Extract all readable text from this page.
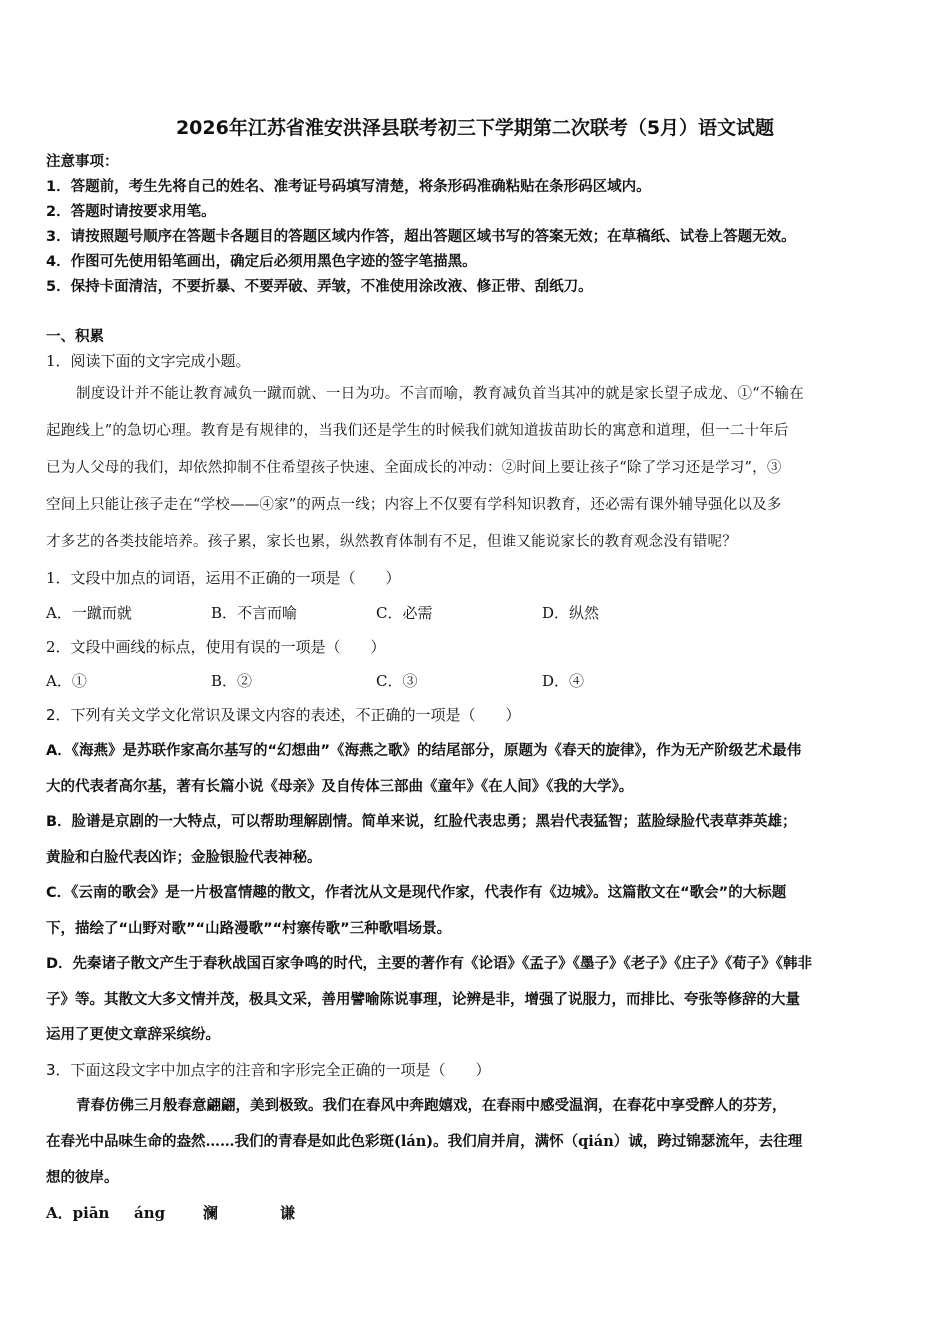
2026年江苏省淮安洪泽县联考初三下学期第二次联考（5月）语文试题
注意事项：
1．答题前，考生先将自己的姓名、准考证号码填写清楚，将条形码准确粘贴在条形码区域内。
2．答题时请按要求用笔。
3．请按照题号顺序在答题卡各题目的答题区域内作答，超出答题区域书写的答案无效；在草稿纸、试卷上答题无效。
4．作图可先使用铅笔画出，确定后必须用黑色字迹的签字笔描黑。
5．保持卡面清洁，不要折暴、不要弄破、弄皱，不准使用涂改液、修正带、刮纸刀。
一、积累
1．阅读下面的文字完成小题。
制度设计并不能让教育减负一蹴而就、一日为功。不言而喻，教育减负首当其冲的就是家长望子成龙、①“不输在
起跑线上”的急切心理。教育是有规律的，当我们还是学生的时候我们就知道拔苗助长的寓意和道理，但一二十年后
已为人父母的我们，却依然抑制不住希望孩子快速、全面成长的冲动：②时间上要让孩子“除了学习还是学习”，③
空间上只能让孩子走在“学校——④家”的两点一线；内容上不仅要有学科知识教育，还必需有课外辅导强化以及多
才多艺的各类技能培养。孩子累，家长也累，纵然教育体制有不足，但谁又能说家长的教育观念没有错呢？
1．文段中加点的词语，运用不正确的一项是（　　）
A．一蹴而就	B．不言而喻	C．必需	D．纵然
2．文段中画线的标点，使用有误的一项是（　　）
A．①	B．②	C．③	D．④
2．下列有关文学文化常识及课文内容的表述，不正确的一项是（　　）
A．《海燕》是苏联作家高尔基写的“幻想曲”《海燕之歌》的结尾部分，原题为《春天的旋律》，作为无产阶级艺术最伟
大的代表者高尔基，著有长篇小说《母亲》及自传体三部曲《童年》《在人间》《我的大学》。
B．脸谱是京剧的一大特点，可以帮助理解剧情。简单来说，红脸代表忠勇；黑岩代表猛智；蓝脸绿脸代表草莽英雄；
黄脸和白脸代表凶诈；金脸银脸代表神秘。
C．《云南的歌会》是一片极富情趣的散文，作者沈从文是现代作家，代表作有《边城》。这篇散文在“歌会”的大标题
下，描绘了“山野对歌”“山路漫歌”“村寨传歌”三种歌唱场景。
D．先秦诸子散文产生于春秋战国百家争鸣的时代，主要的著作有《论语》《孟子》《墨子》《老子》《庄子》《荀子》《韩非
子》等。其散文大多文情并茂，极具文采，善用譬喻陈说事理，论辨是非，增强了说服力，而排比、夸张等修辞的大量
运用了更使文章辞采缤纷。
3．下面这段文字中加点字的注音和字形完全正确的一项是（　　）
青春仿佛三月般春意翩翩，美到极致。我们在春风中奔跑嬉戏，在春雨中感受温润，在春花中享受醉人的芬芳，
在春光中品味生命的盎然……我们的青春是如此色彩斑(lán)。我们肩并肩，满怀（qián）诚，跨过锦瑟流年，去往理
想的彼岸。
A．piān áng	澜	谦
